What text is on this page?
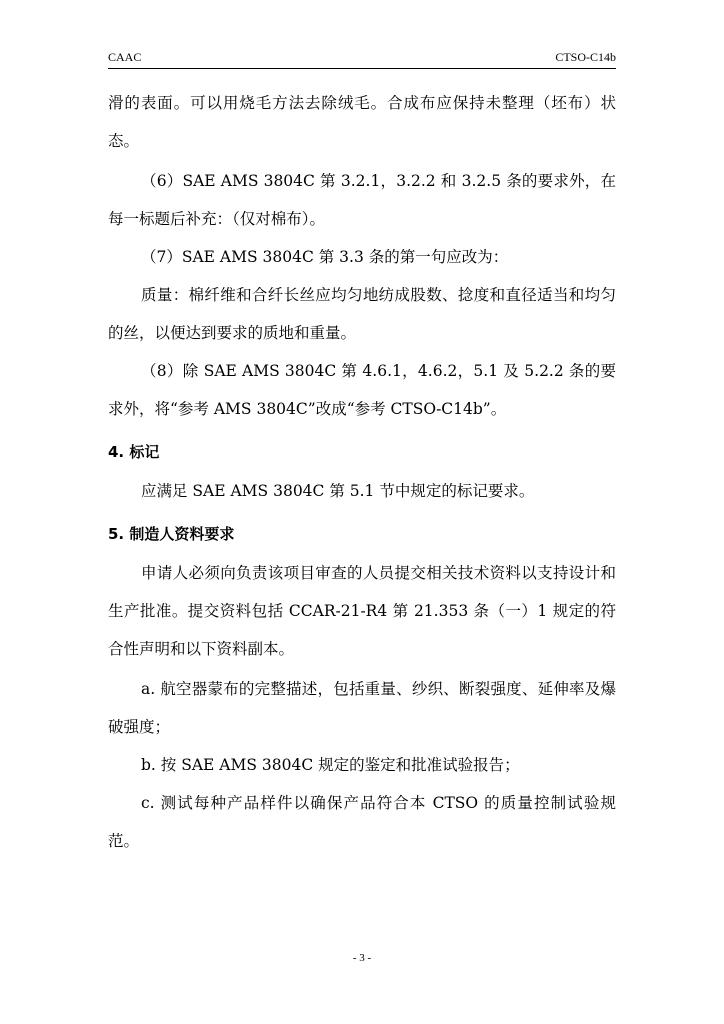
CAAC	CTSO-C14b

滑的表面。可以用烧毛方法去除绒毛。合成布应保持未整理（坯布）状态。

（6）SAE AMS 3804C 第 3.2.1，3.2.2 和 3.2.5 条的要求外，在每一标题后补充：（仅对棉布）。

（7）SAE AMS 3804C 第 3.3 条的第一句应改为：

质量：棉纤维和合纤长丝应均匀地纺成股数、捻度和直径适当和均匀的丝，以便达到要求的质地和重量。

（8）除 SAE AMS 3804C 第 4.6.1，4.6.2，5.1 及 5.2.2 条的要求外，将“参考 AMS 3804C”改成“参考 CTSO‐C14b”。

4. 标记

应满足 SAE AMS 3804C 第 5.1 节中规定的标记要求。

5. 制造人资料要求

申请人必须向负责该项目审查的人员提交相关技术资料以支持设计和生产批准。提交资料包括 CCAR-21-R4 第 21.353 条（一）1 规定的符合性声明和以下资料副本。

a. 航空器蒙布的完整描述，包括重量、纱织、断裂强度、延伸率及爆破强度；

b. 按 SAE AMS 3804C 规定的鉴定和批准试验报告；

c. 测试每种产品样件以确保产品符合本 CTSO 的质量控制试验规范。

- 3 -
